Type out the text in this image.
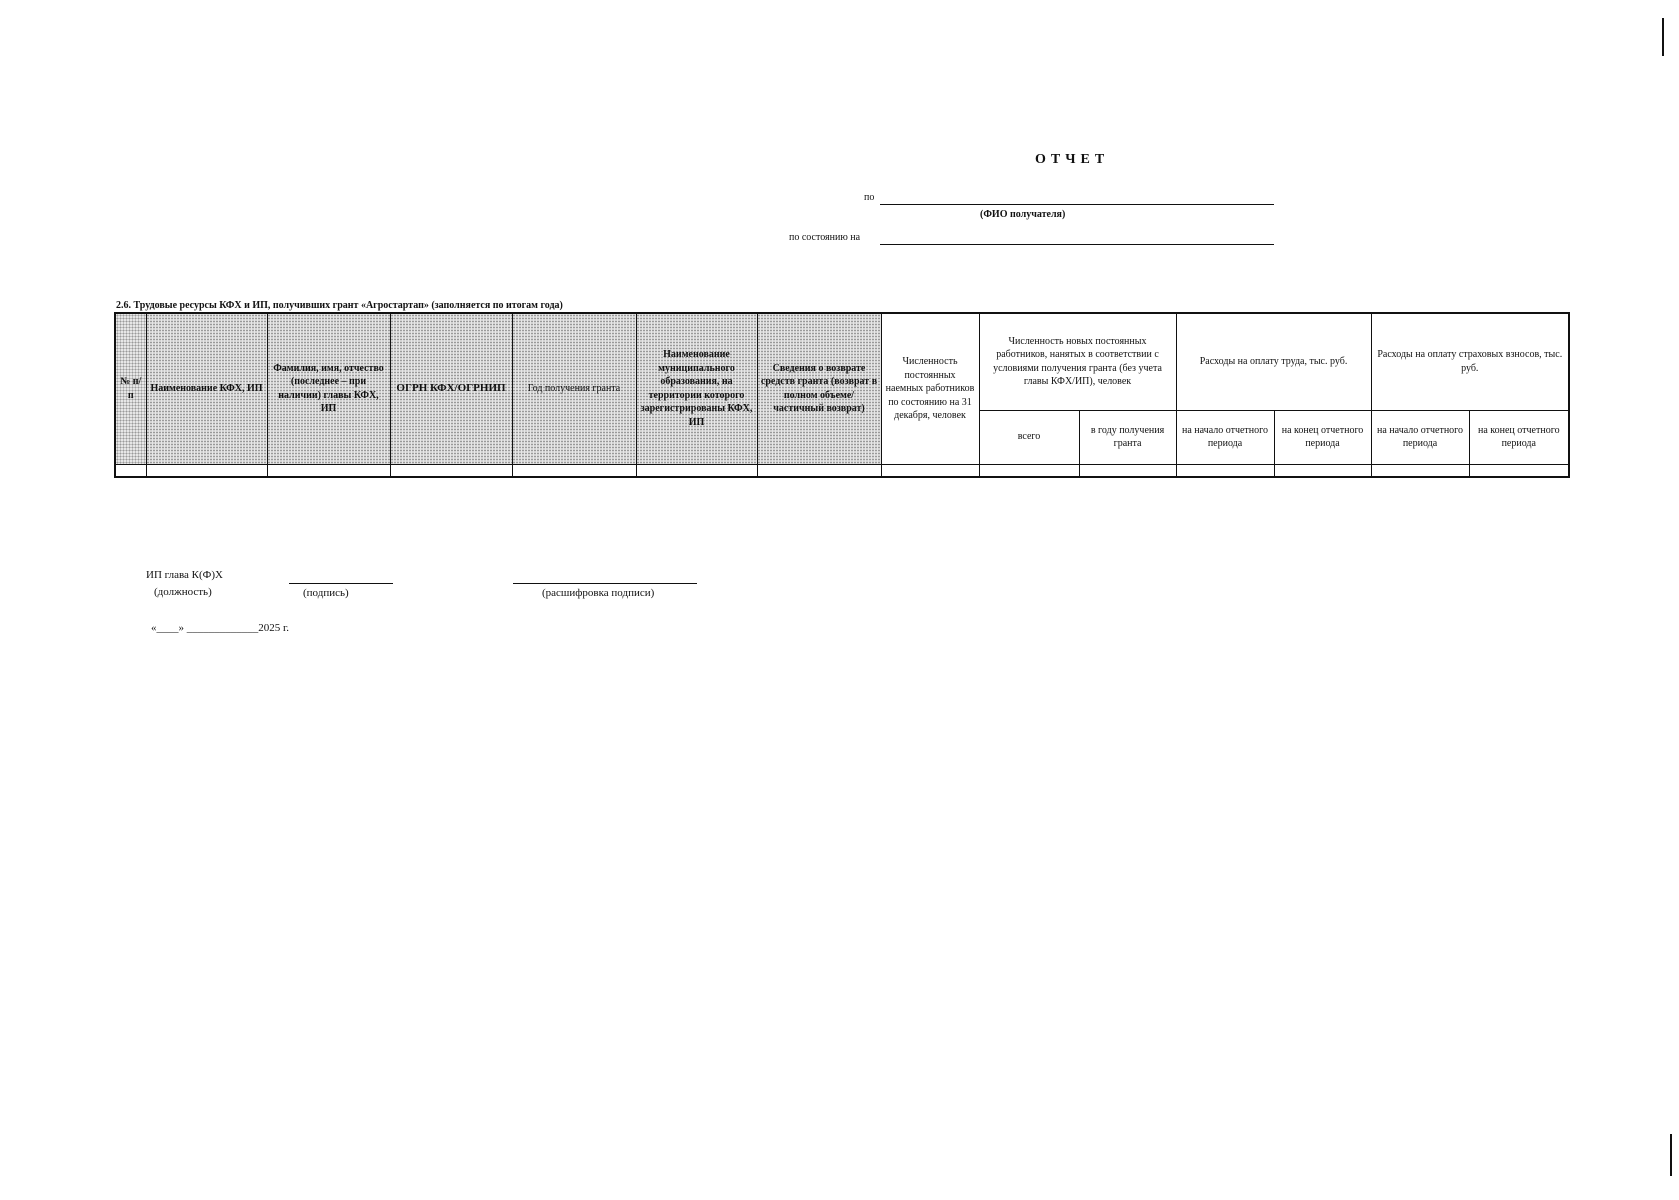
ОТЧЕТ
по
(ФИО получателя)
по состоянию на
2.6. Трудовые ресурсы КФХ и ИП, получивших грант «Агростартап» (заполняется по итогам года)
№ п/п	Наименование КФХ, ИП	Фамилия, имя, отчество (последнее – при наличии) главы КФХ, ИП	ОГРН КФХ/ОГРНИП	Год получения гранта	Наименование муниципального образования, на территории которого зарегистрированы КФХ, ИП	Сведения о возврате средств гранта (возврат в полном объеме/частичный возврат)	Численность постоянных наемных работников по состоянию на 31 декабря, человек	Численность новых постоянных работников, нанятых в соответствии с условиями получения гранта (без учета главы КФХ/ИП), человек		Расходы на оплату труда, тыс. руб.		Расходы на оплату страховых взносов, тыс. руб.	
								всего	в году получения гранта	на начало отчетного периода	на конец отчетного периода	на начало отчетного периода	на конец отчетного периода

ИП глава К(Ф)Х
(должность)	(подпись)	(расшифровка подписи)
«____» _____________2025 г.
